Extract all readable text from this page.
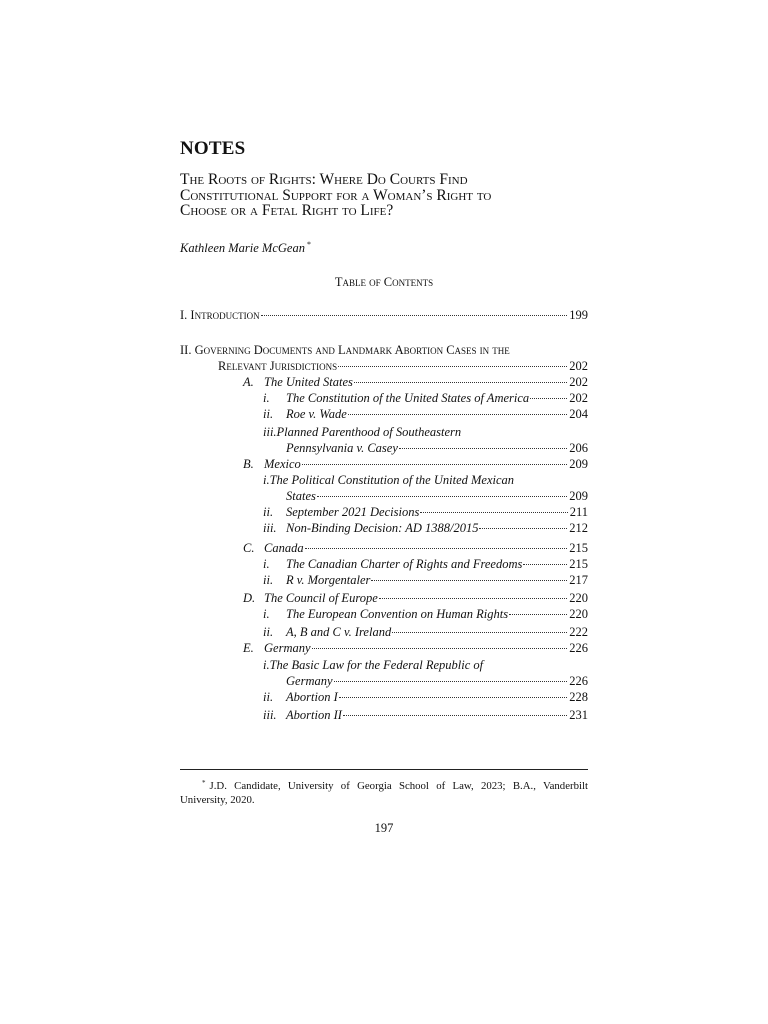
NOTES
The Roots of Rights: Where Do Courts Find
Constitutional Support for a Woman’s Right to
Choose or a Fetal Right to Life?
Kathleen Marie McGean *
Table of Contents
I. Introduction	199
II. Governing Documents and Landmark Abortion Cases in the
Relevant Jurisdictions	202
A. The United States	202
i. The Constitution of the United States of America	202
ii. Roe v. Wade	204
iii.Planned Parenthood of Southeastern
Pennsylvania v. Casey	206
B. Mexico	209
i.The Political Constitution of the United Mexican
States	209
ii. September 2021 Decisions	211
iii. Non-Binding Decision: AD 1388/2015	212
C. Canada	215
i. The Canadian Charter of Rights and Freedoms	215
ii. R v. Morgentaler	217
D. The Council of Europe	220
i. The European Convention on Human Rights	220
ii. A, B and C v. Ireland	222
E. Germany	226
i.The Basic Law for the Federal Republic of
Germany	226
ii. Abortion I	228
iii. Abortion II	231
* J.D. Candidate, University of Georgia School of Law, 2023; B.A., Vanderbilt University, 2020.
197
